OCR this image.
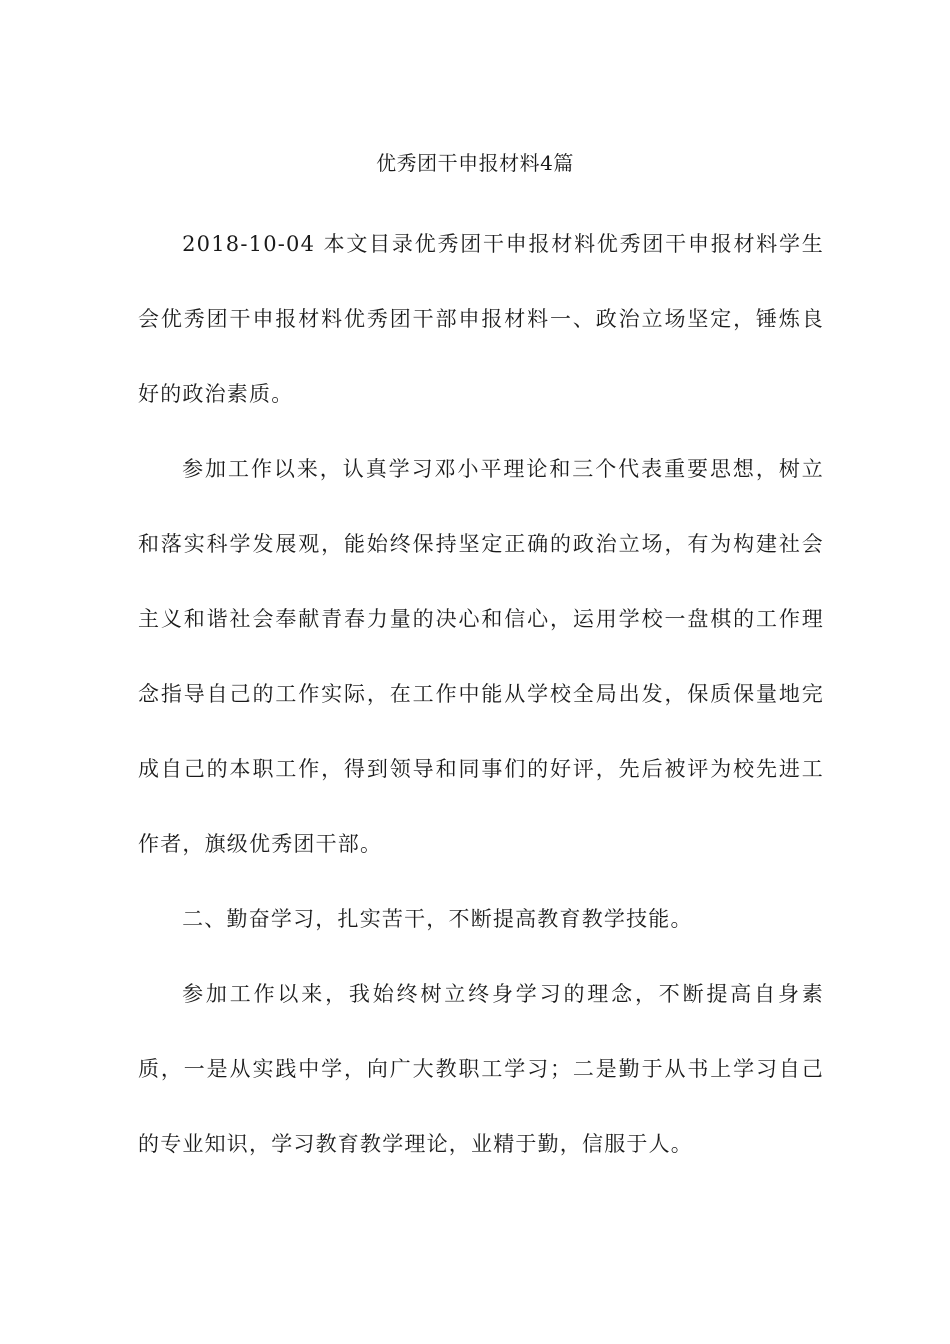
优秀团干申报材料4篇

2018-10-04 本文目录优秀团干申报材料优秀团干申报材料学生会优秀团干申报材料优秀团干部申报材料一、政治立场坚定，锤炼良好的政治素质。

参加工作以来，认真学习邓小平理论和三个代表重要思想，树立和落实科学发展观，能始终保持坚定正确的政治立场，有为构建社会主义和谐社会奉献青春力量的决心和信心，运用学校一盘棋的工作理念指导自己的工作实际，在工作中能从学校全局出发，保质保量地完成自己的本职工作，得到领导和同事们的好评，先后被评为校先进工作者，旗级优秀团干部。

二、勤奋学习，扎实苦干，不断提高教育教学技能。

参加工作以来，我始终树立终身学习的理念，不断提高自身素质，一是从实践中学，向广大教职工学习；二是勤于从书上学习自己的专业知识，学习教育教学理论，业精于勤，信服于人。
